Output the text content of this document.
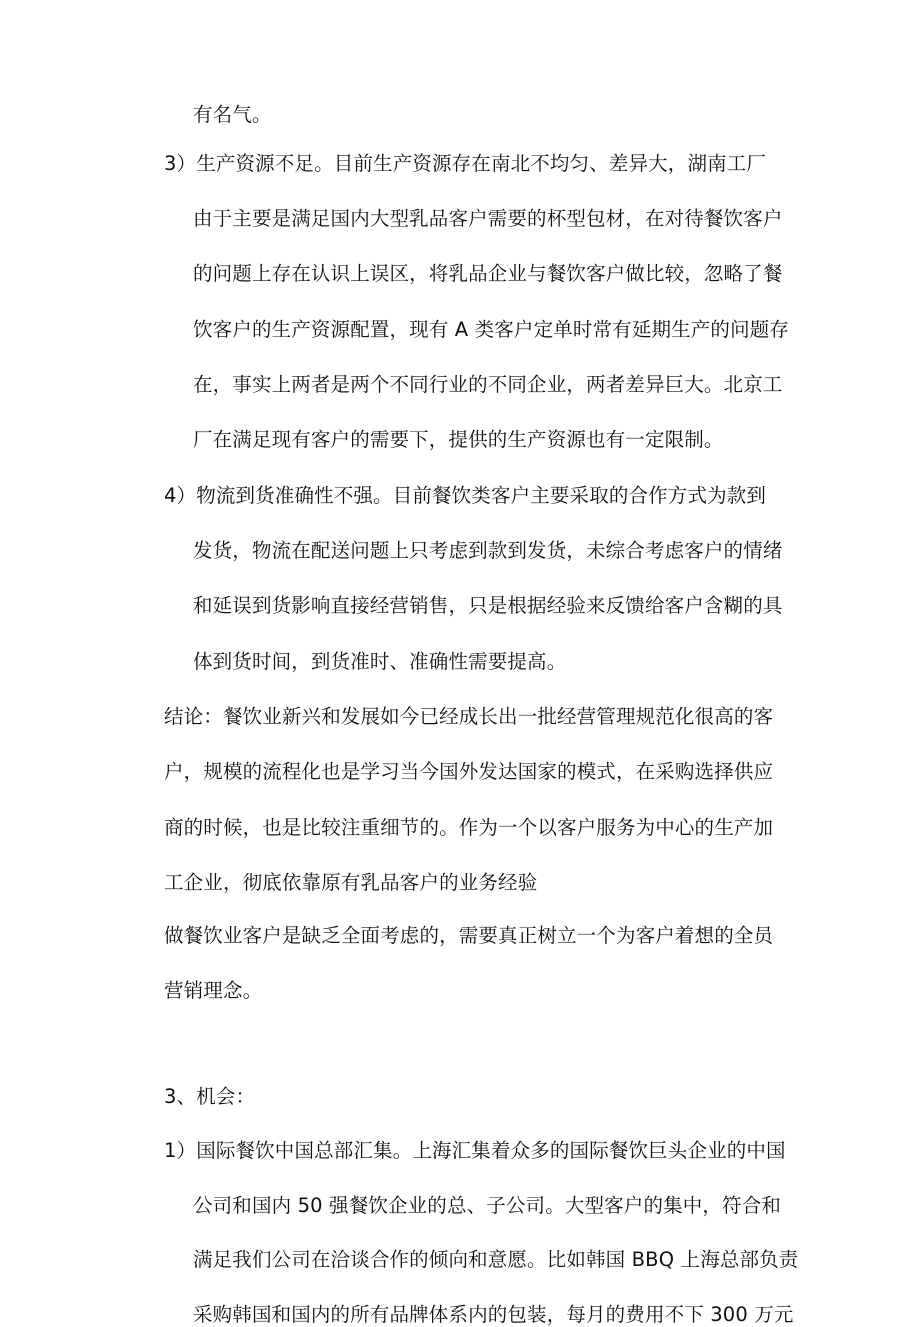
有名气。
3）生产资源不足。目前生产资源存在南北不均匀、差异大，湖南工厂
由于主要是满足国内大型乳品客户需要的杯型包材，在对待餐饮客户
的问题上存在认识上误区，将乳品企业与餐饮客户做比较，忽略了餐
饮客户的生产资源配置，现有 A 类客户定单时常有延期生产的问题存
在，事实上两者是两个不同行业的不同企业，两者差异巨大。北京工
厂在满足现有客户的需要下，提供的生产资源也有一定限制。
4）物流到货准确性不强。目前餐饮类客户主要采取的合作方式为款到
发货，物流在配送问题上只考虑到款到发货，未综合考虑客户的情绪
和延误到货影响直接经营销售，只是根据经验来反馈给客户含糊的具
体到货时间，到货准时、准确性需要提高。
结论：餐饮业新兴和发展如今已经成长出一批经营管理规范化很高的客
户，规模的流程化也是学习当今国外发达国家的模式，在采购选择供应
商的时候，也是比较注重细节的。作为一个以客户服务为中心的生产加
工企业，彻底依靠原有乳品客户的业务经验
做餐饮业客户是缺乏全面考虑的，需要真正树立一个为客户着想的全员
营销理念。
3、机会：
1）国际餐饮中国总部汇集。上海汇集着众多的国际餐饮巨头企业的中国
公司和国内 50 强餐饮企业的总、子公司。大型客户的集中，符合和
满足我们公司在洽谈合作的倾向和意愿。比如韩国 BBQ 上海总部负责
采购韩国和国内的所有品牌体系内的包装，每月的费用不下 300 万元
